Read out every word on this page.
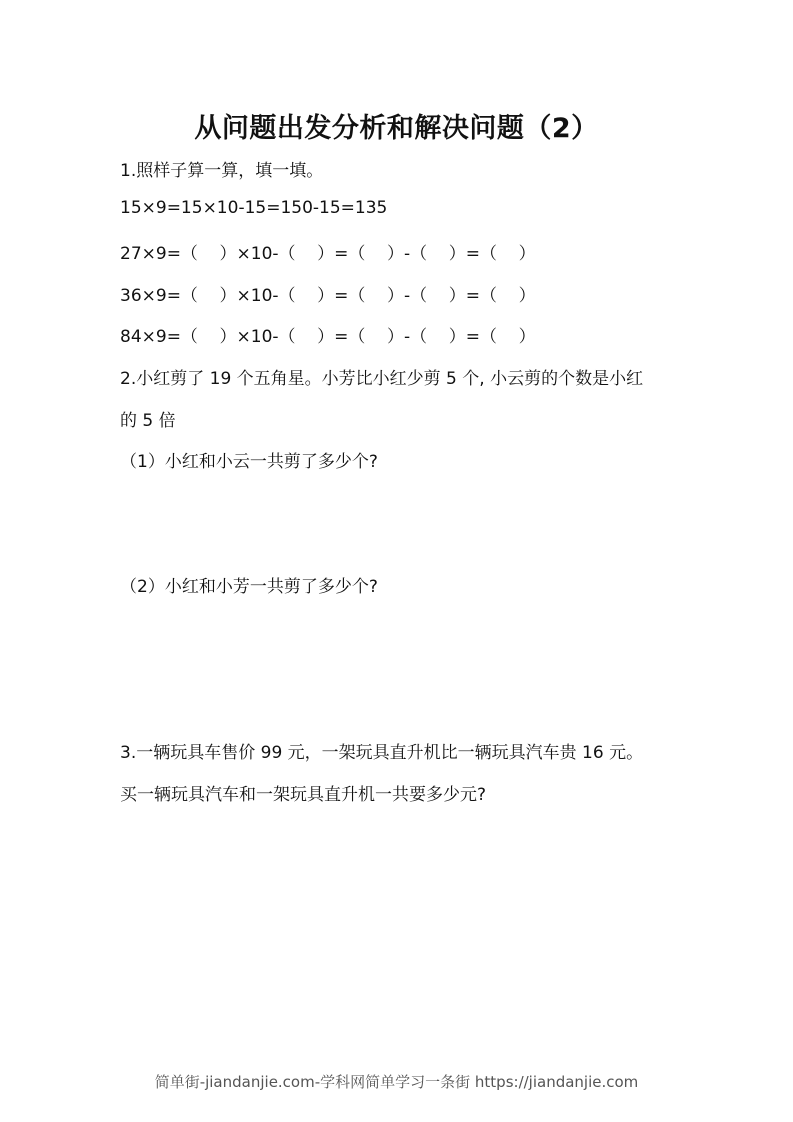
从问题出发分析和解决问题（2）
1.照样子算一算，填一填。
15×9=15×10-15=150-15=135
27×9=（    ）×10-（    ）=（    ）-（    ）=（    ）
36×9=（    ）×10-（    ）=（    ）-（    ）=（    ）
84×9=（    ）×10-（    ）=（    ）-（    ）=（    ）
2.小红剪了 19 个五角星。小芳比小红少剪 5 个, 小云剪的个数是小红
的 5 倍
（1）小红和小云一共剪了多少个?
（2）小红和小芳一共剪了多少个?
3.一辆玩具车售价 99 元，一架玩具直升机比一辆玩具汽车贵 16 元。
买一辆玩具汽车和一架玩具直升机一共要多少元?
简单街-jiandanjie.com-学科网简单学习一条街 https://jiandanjie.com
